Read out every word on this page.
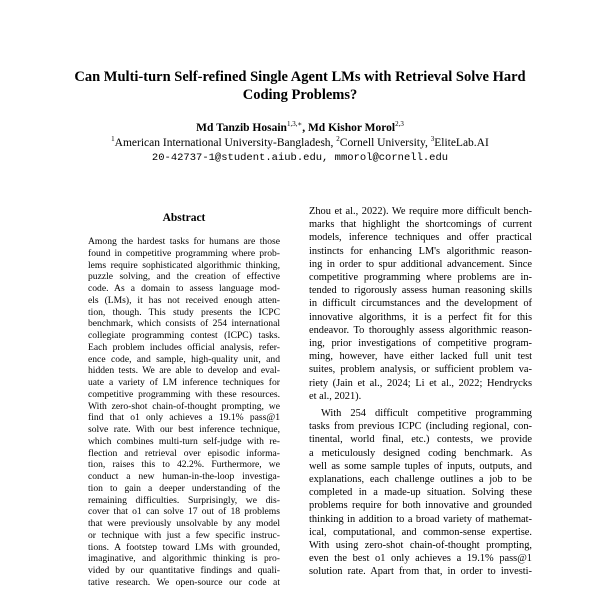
Can Multi-turn Self-refined Single Agent LMs with Retrieval Solve Hard
Coding Problems?
Md Tanzib Hosain$^{1,3,∗}$, Md Kishor Morol$^{2,3}$
$^1$American International University-Bangladesh, $^2$Cornell University, $^3$EliteLab.AI
20-42737-1@student.aiub.edu, mmorol@cornell.edu
Abstract
Among the hardest tasks for humans are those
found in competitive programming where prob-
lems require sophisticated algorithmic thinking,
puzzle solving, and the creation of effective
code. As a domain to assess language mod-
els (LMs), it has not received enough atten-
tion, though. This study presents the ICPC
benchmark, which consists of 254 international
collegiate programming contest (ICPC) tasks.
Each problem includes official analysis, refer-
ence code, and sample, high-quality unit, and
hidden tests. We are able to develop and eval-
uate a variety of LM inference techniques for
competitive programming with these resources.
With zero-shot chain-of-thought prompting, we
find that o1 only achieves a 19.1% pass@1
solve rate. With our best inference technique,
which combines multi-turn self-judge with re-
flection and retrieval over episodic informa-
tion, raises this to 42.2%. Furthermore, we
conduct a new human-in-the-loop investiga-
tion to gain a deeper understanding of the
remaining difficulties. Surprisingly, we dis-
cover that o1 can solve 17 out of 18 problems
that were previously unsolvable by any model
or technique with just a few specific instruc-
tions. A footstep toward LMs with grounded,
imaginative, and algorithmic thinking is pro-
vided by our quantitative findings and quali-
tative research. We open-source our code at
Zhou et al., 2022). We require more difficult bench-
marks that highlight the shortcomings of current
models, inference techniques and offer practical
instincts for enhancing LM's algorithmic reason-
ing in order to spur additional advancement. Since
competitive programming where problems are in-
tended to rigorously assess human reasoning skills
in difficult circumstances and the development of
innovative algorithms, it is a perfect fit for this
endeavor. To thoroughly assess algorithmic reason-
ing, prior investigations of competitive program-
ming, however, have either lacked full unit test
suites, problem analysis, or sufficient problem va-
riety (Jain et al., 2024; Li et al., 2022; Hendrycks
et al., 2021).
With 254 difficult competitive programming
tasks from previous ICPC (including regional, con-
tinental, world final, etc.) contests, we provide
a meticulously designed coding benchmark. As
well as some sample tuples of inputs, outputs, and
explanations, each challenge outlines a job to be
completed in a made-up situation. Solving these
problems require for both innovative and grounded
thinking in addition to a broad variety of mathemat-
ical, computational, and common-sense expertise.
With using zero-shot chain-of-thought prompting,
even the best o1 only achieves a 19.1% pass@1
solution rate. Apart from that, in order to investi-
